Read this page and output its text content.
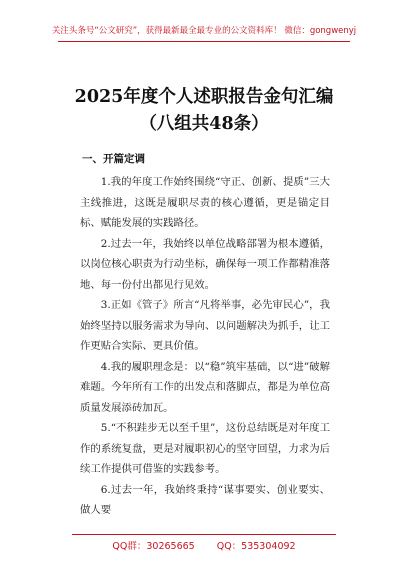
关注头条号“公文研究”，获得最新最全最专业的公文资料库！ 微信：gongwenyj
2025年度个人述职报告金句汇编（八组共48条）
一、开篇定调

1.我的年度工作始终围绕“守正、创新、提质”三大主线推进，这既是履职尽责的核心遵循，更是锚定目标、赋能发展的实践路径。

2.过去一年，我始终以单位战略部署为根本遵循，以岗位核心职责为行动坐标，确保每一项工作都精准落地、每一份付出都见行见效。

3.正如《管子》所言“凡将举事，必先审民心”，我始终坚持以服务需求为导向、以问题解决为抓手，让工作更贴合实际、更具价值。

4.我的履职理念是：以“稳”筑牢基础，以“进”破解难题。今年所有工作的出发点和落脚点，都是为单位高质量发展添砖加瓦。

5.“不积跬步无以至千里”，这份总结既是对年度工作的系统复盘，更是对履职初心的坚守回望，力求为后续工作提供可借鉴的实践参考。

6.过去一年，我始终秉持“谋事要实、创业要实、做人要

QQ群：30265665 QQ：535304092
